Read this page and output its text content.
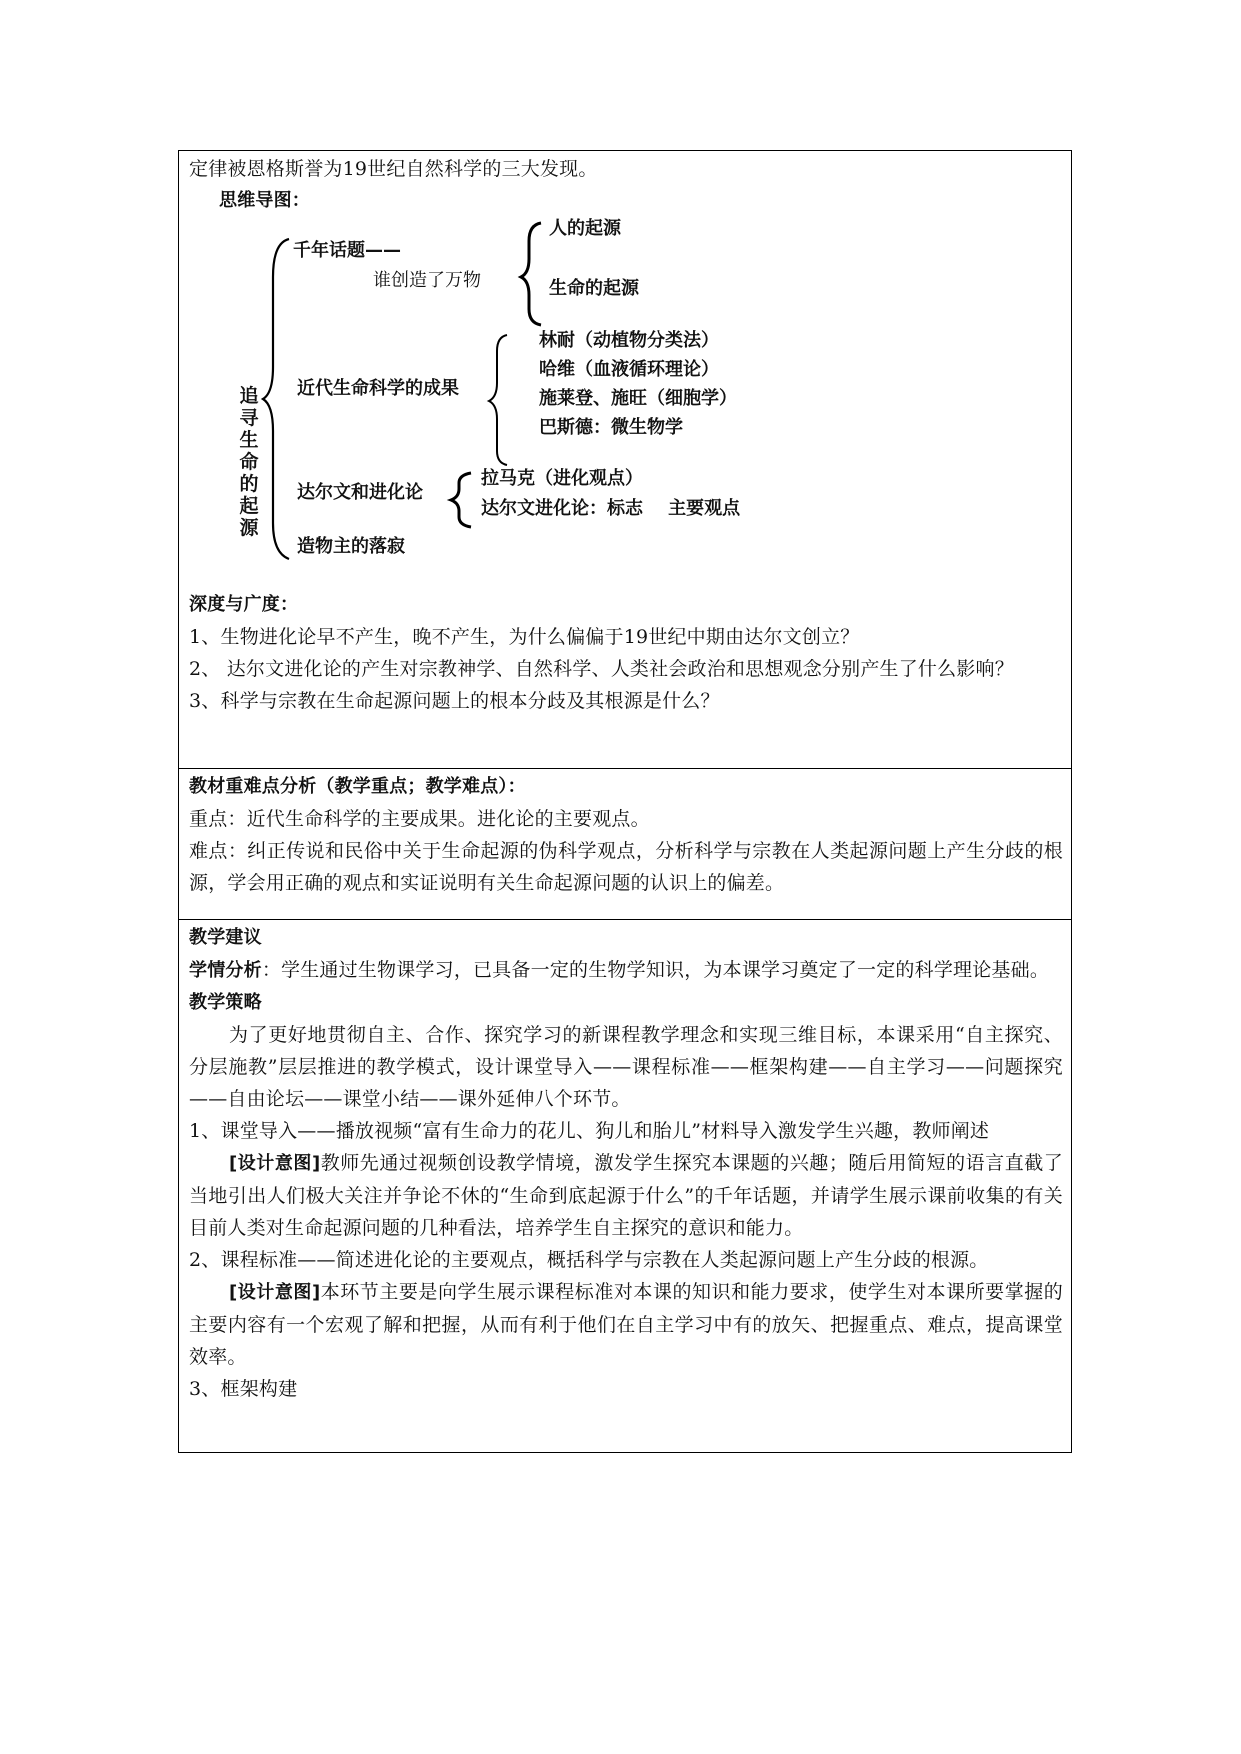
定律被恩格斯誉为19世纪自然科学的三大发现。
思维导图：
追寻生命的起源
千年话题——
谁创造了万物
人的起源
生命的起源
近代生命科学的成果
林耐（动植物分类法）
哈维（血液循环理论）
施莱登、施旺（细胞学）
巴斯德：微生物学
达尔文和进化论
拉马克（进化观点）
达尔文进化论：标志    主要观点
造物主的落寂
深度与广度：
1、生物进化论早不产生，晚不产生，为什么偏偏于19世纪中期由达尔文创立？
2、 达尔文进化论的产生对宗教神学、自然科学、人类社会政治和思想观念分别产生了什么影响？
3、科学与宗教在生命起源问题上的根本分歧及其根源是什么？
教材重难点分析（教学重点；教学难点）：
重点：近代生命科学的主要成果。进化论的主要观点。
难点：纠正传说和民俗中关于生命起源的伪科学观点，分析科学与宗教在人类起源问题上产生分歧的根源，学会用正确的观点和实证说明有关生命起源问题的认识上的偏差。
教学建议
学情分析：学生通过生物课学习，已具备一定的生物学知识，为本课学习奠定了一定的科学理论基础。
教学策略
为了更好地贯彻自主、合作、探究学习的新课程教学理念和实现三维目标，本课采用“自主探究、分层施教”层层推进的教学模式，设计课堂导入——课程标准——框架构建——自主学习——问题探究——自由论坛——课堂小结——课外延伸八个环节。
1、课堂导入——播放视频“富有生命力的花儿、狗儿和胎儿”材料导入激发学生兴趣，教师阐述
[设计意图]教师先通过视频创设教学情境，激发学生探究本课题的兴趣；随后用简短的语言直截了当地引出人们极大关注并争论不休的“生命到底起源于什么”的千年话题，并请学生展示课前收集的有关目前人类对生命起源问题的几种看法，培养学生自主探究的意识和能力。
2、课程标准——简述进化论的主要观点，概括科学与宗教在人类起源问题上产生分歧的根源。
[设计意图]本环节主要是向学生展示课程标准对本课的知识和能力要求，使学生对本课所要掌握的主要内容有一个宏观了解和把握，从而有利于他们在自主学习中有的放矢、把握重点、难点，提高课堂效率。
3、框架构建
